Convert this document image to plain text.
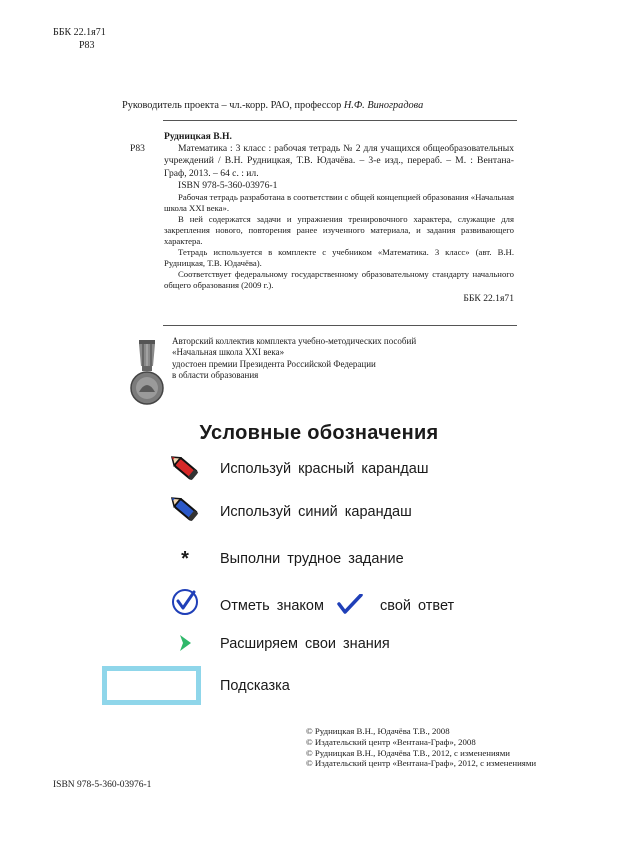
ББК 22.1я71
Р83
Руководитель проекта – чл.-корр. РАО, профессор Н.Ф. Виноградова
Р83
Рудницкая В.Н.
Математика : 3 класс : рабочая тетрадь № 2 для учащихся общеобразовательных учреждений / В.Н. Рудницкая, Т.В. Юдачёва. – 3-е изд., перераб. – М. : Вентана-Граф, 2013. – 64 с. : ил.
ISBN 978-5-360-03976-1
Рабочая тетрадь разработана в соответствии с общей концепцией образования «Начальная школа XXI века».
В ней содержатся задачи и упражнения тренировочного характера, служащие для закрепления нового, повторения ранее изученного материала, и задания развивающего характера.
Тетрадь используется в комплекте с учебником «Математика. 3 класс» (авт. В.Н. Рудницкая, Т.В. Юдачёва).
Соответствует федеральному государственному образовательному стандарту начального общего образования (2009 г.).
ББК 22.1я71
Авторский коллектив комплекта учебно-методических пособий
«Начальная школа XXI века»
удостоен премии Президента Российской Федерации
в области образования
Условные обозначения
Используй красный карандаш
Используй синий карандаш
*	Выполни трудное задание
Отметь знаком	свой ответ
Расширяем свои знания
Подсказка
© Рудницкая В.Н., Юдачёва Т.В., 2008
© Издательский центр «Вентана-Граф», 2008
© Рудницкая В.Н., Юдачёва Т.В., 2012, с изменениями
© Издательский центр «Вентана-Граф», 2012, с изменениями
ISBN 978-5-360-03976-1
